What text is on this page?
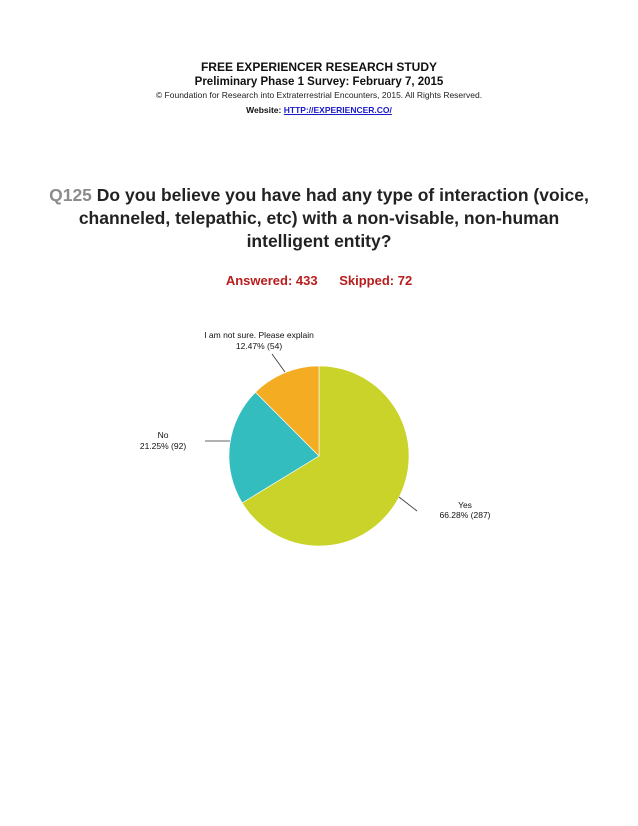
FREE EXPERIENCER RESEARCH STUDY
Preliminary Phase 1 Survey: February 7, 2015
© Foundation for Research into Extraterrestrial Encounters, 2015. All Rights Reserved.
Website: HTTP://EXPERIENCER.CO/
Q125 Do you believe you have had any type of interaction (voice, channeled, telepathic, etc) with a non-visable, non-human intelligent entity?
Answered: 433 Skipped: 72
Yes
66.28% (287)
No
21.25% (92)
I am not sure. Please explain
12.47% (54)
